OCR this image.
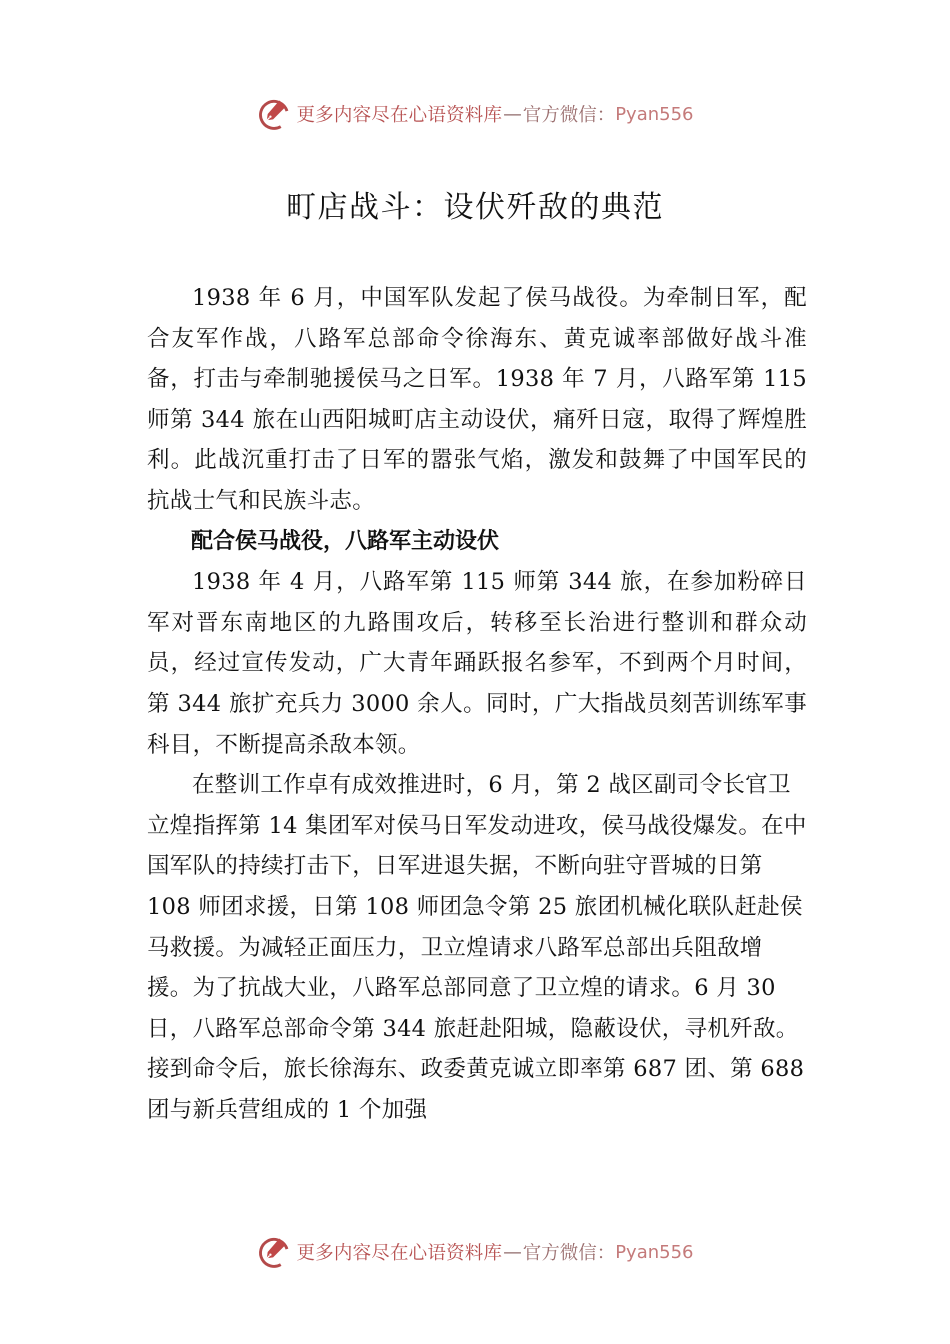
更多内容尽在心语资料库 — 官方微信： Pyan556
町店战斗：设伏歼敌的典范

1938 年 6 月，中国军队发起了侯马战役。为牵制日军，配合友军作战，八路军总部命令徐海东、黄克诚率部做好战斗准备，打击与牵制驰援侯马之日军。1938 年 7 月，八路军第 115 师第 344 旅在山西阳城町店主动设伏，痛歼日寇，取得了辉煌胜利。此战沉重打击了日军的嚣张气焰，激发和鼓舞了中国军民的抗战士气和民族斗志。

配合侯马战役，八路军主动设伏

1938 年 4 月，八路军第 115 师第 344 旅，在参加粉碎日军对晋东南地区的九路围攻后，转移至长治进行整训和群众动员，经过宣传发动，广大青年踊跃报名参军，不到两个月时间，第 344 旅扩充兵力 3000 余人。同时，广大指战员刻苦训练军事科目，不断提高杀敌本领。

在整训工作卓有成效推进时，6 月，第 2 战区副司令长官卫立煌指挥第 14 集团军对侯马日军发动进攻，侯马战役爆发。在中国军队的持续打击下，日军进退失据，不断向驻守晋城的日第 108 师团求援，日第 108 师团急令第 25 旅团机械化联队赶赴侯马救援。为减轻正面压力，卫立煌请求八路军总部出兵阻敌增援。为了抗战大业，八路军总部同意了卫立煌的请求。6 月 30 日，八路军总部命令第 344 旅赶赴阳城，隐蔽设伏，寻机歼敌。接到命令后，旅长徐海东、政委黄克诚立即率第 687 团、第 688 团与新兵营组成的 1 个加强

更多内容尽在心语资料库 — 官方微信： Pyan556
